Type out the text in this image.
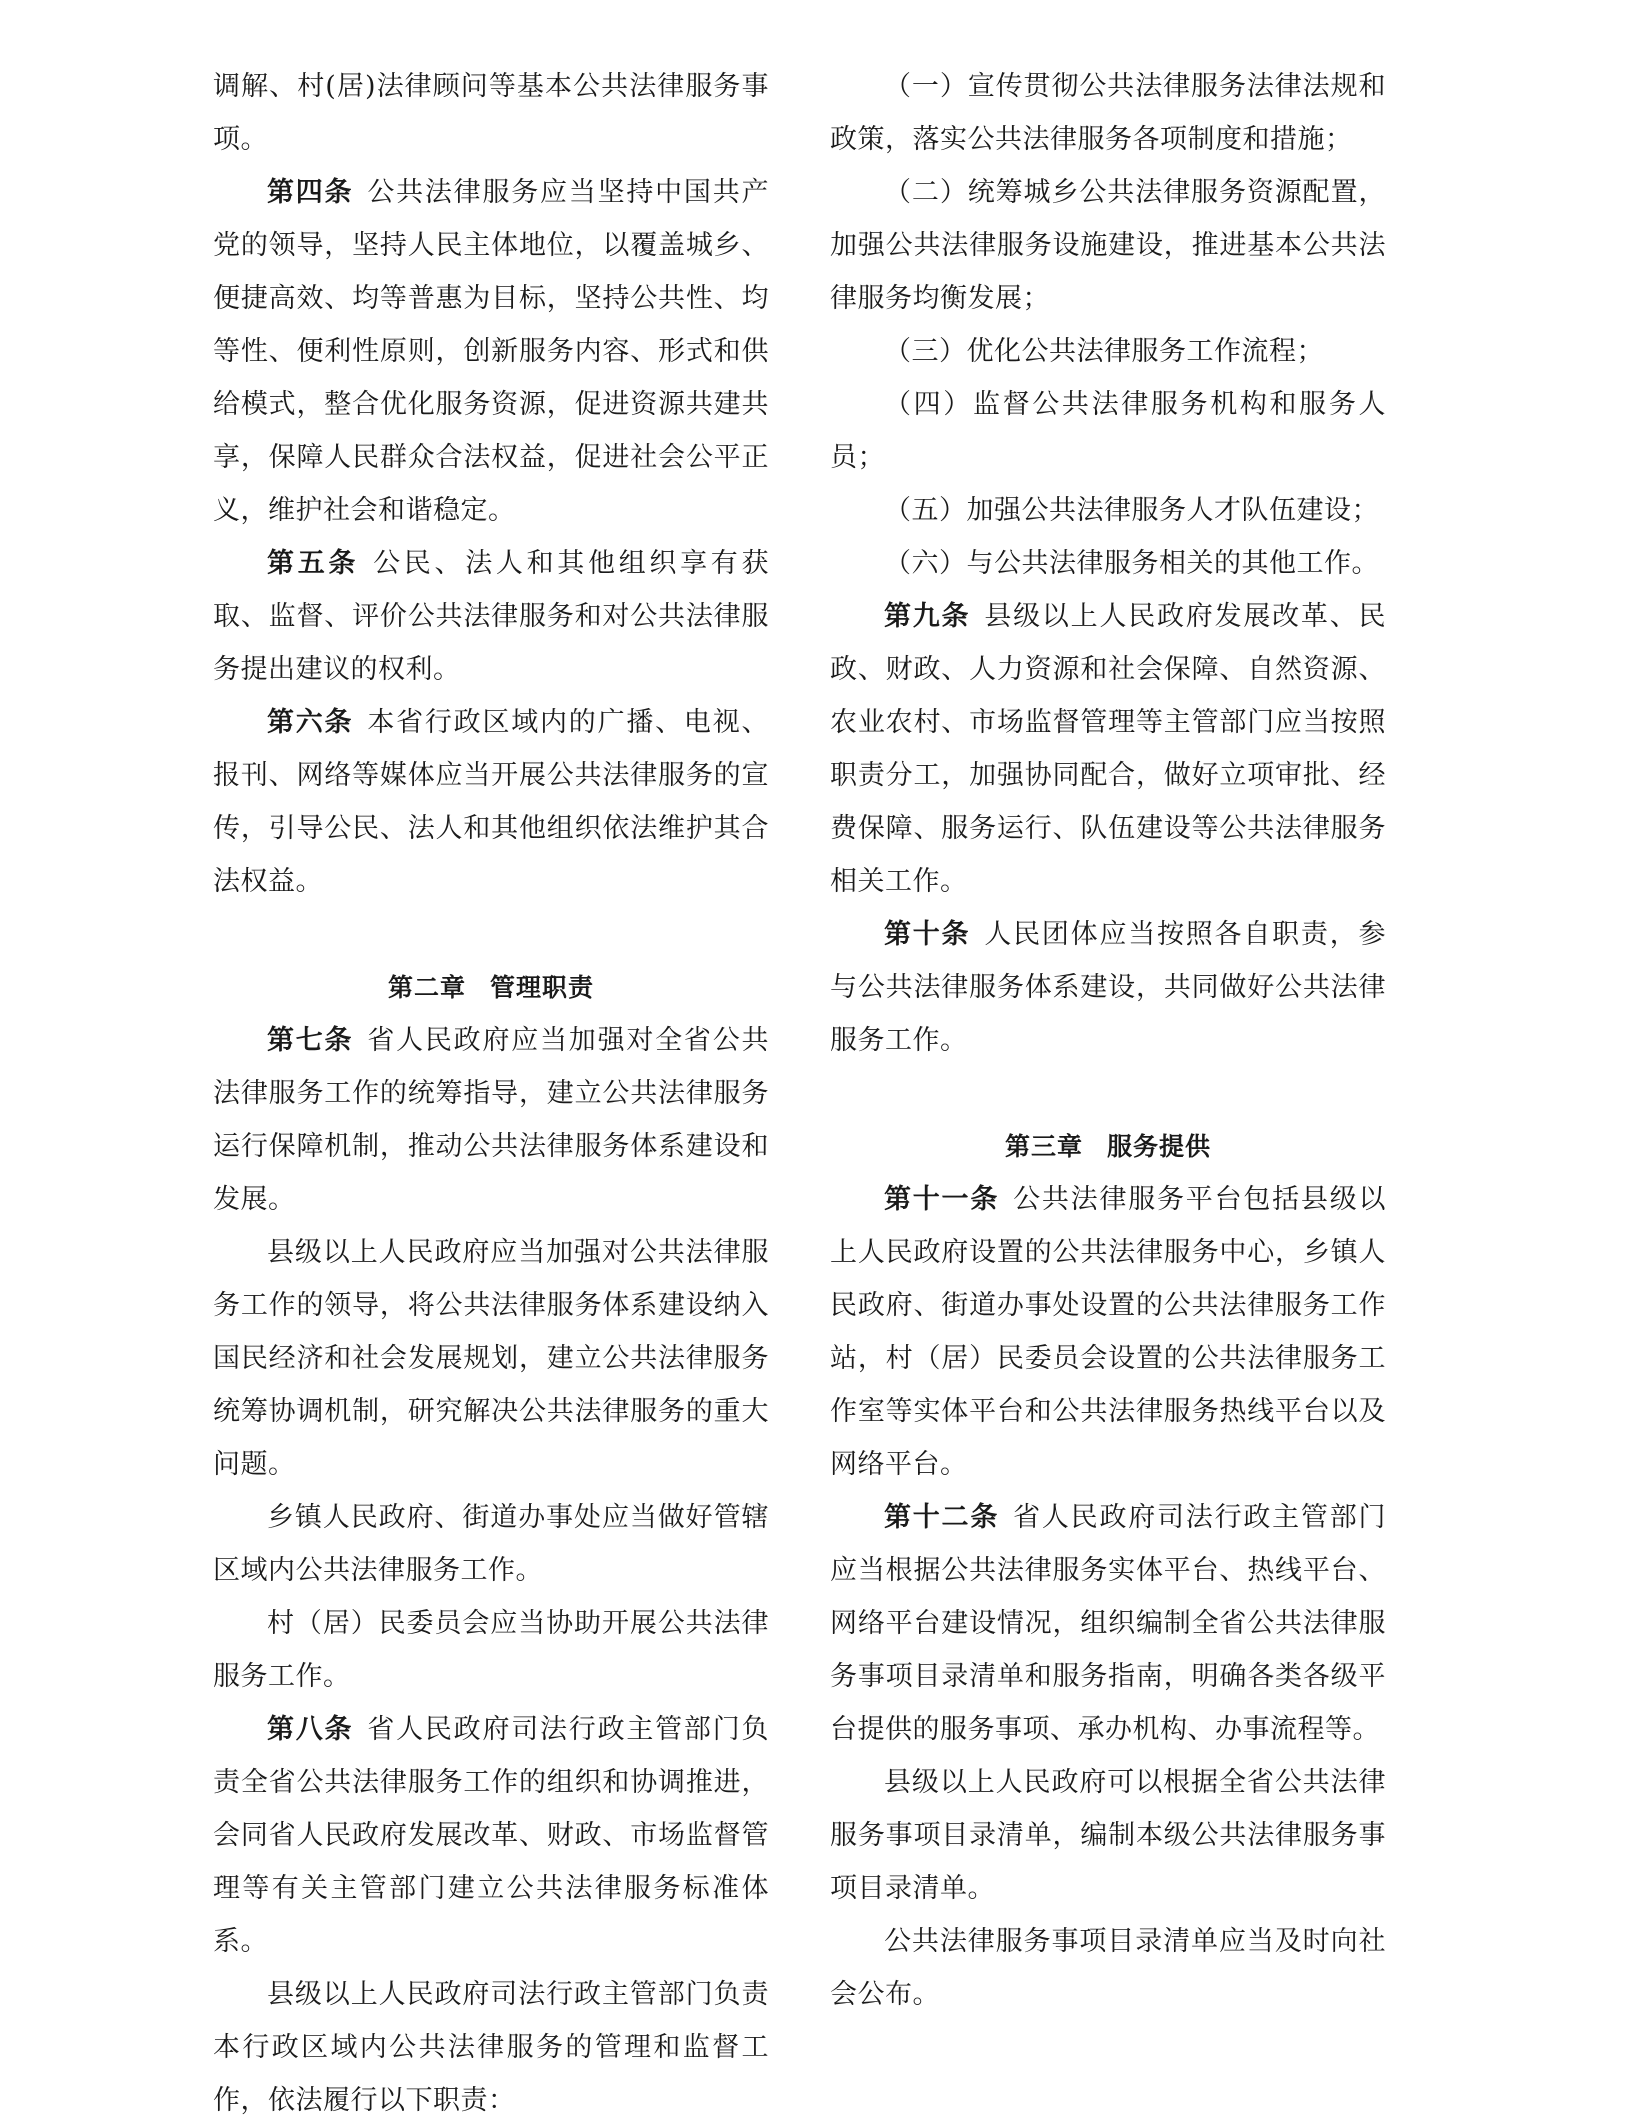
调解、村(居)法律顾问等基本公共法律服务事项。

第四条 公共法律服务应当坚持中国共产党的领导，坚持人民主体地位，以覆盖城乡、便捷高效、均等普惠为目标，坚持公共性、均等性、便利性原则，创新服务内容、形式和供给模式，整合优化服务资源，促进资源共建共享，保障人民群众合法权益，促进社会公平正义，维护社会和谐稳定。

第五条 公民、法人和其他组织享有获取、监督、评价公共法律服务和对公共法律服务提出建议的权利。

第六条 本省行政区域内的广播、电视、报刊、网络等媒体应当开展公共法律服务的宣传，引导公民、法人和其他组织依法维护其合法权益。

第二章 管理职责

第七条 省人民政府应当加强对全省公共法律服务工作的统筹指导，建立公共法律服务运行保障机制，推动公共法律服务体系建设和发展。

县级以上人民政府应当加强对公共法律服务工作的领导，将公共法律服务体系建设纳入国民经济和社会发展规划，建立公共法律服务统筹协调机制，研究解决公共法律服务的重大问题。

乡镇人民政府、街道办事处应当做好管辖区域内公共法律服务工作。

村（居）民委员会应当协助开展公共法律服务工作。

第八条 省人民政府司法行政主管部门负责全省公共法律服务工作的组织和协调推进，会同省人民政府发展改革、财政、市场监督管理等有关主管部门建立公共法律服务标准体系。

县级以上人民政府司法行政主管部门负责本行政区域内公共法律服务的管理和监督工作，依法履行以下职责：

（一）宣传贯彻公共法律服务法律法规和政策，落实公共法律服务各项制度和措施；

（二）统筹城乡公共法律服务资源配置，加强公共法律服务设施建设，推进基本公共法律服务均衡发展；

（三）优化公共法律服务工作流程；

（四）监督公共法律服务机构和服务人员；

（五）加强公共法律服务人才队伍建设；

（六）与公共法律服务相关的其他工作。

第九条 县级以上人民政府发展改革、民政、财政、人力资源和社会保障、自然资源、农业农村、市场监督管理等主管部门应当按照职责分工，加强协同配合，做好立项审批、经费保障、服务运行、队伍建设等公共法律服务相关工作。

第十条 人民团体应当按照各自职责，参与公共法律服务体系建设，共同做好公共法律服务工作。

第三章 服务提供

第十一条 公共法律服务平台包括县级以上人民政府设置的公共法律服务中心，乡镇人民政府、街道办事处设置的公共法律服务工作站，村（居）民委员会设置的公共法律服务工作室等实体平台和公共法律服务热线平台以及网络平台。

第十二条 省人民政府司法行政主管部门应当根据公共法律服务实体平台、热线平台、网络平台建设情况，组织编制全省公共法律服务事项目录清单和服务指南，明确各类各级平台提供的服务事项、承办机构、办事流程等。

县级以上人民政府可以根据全省公共法律服务事项目录清单，编制本级公共法律服务事项目录清单。

公共法律服务事项目录清单应当及时向社会公布。
